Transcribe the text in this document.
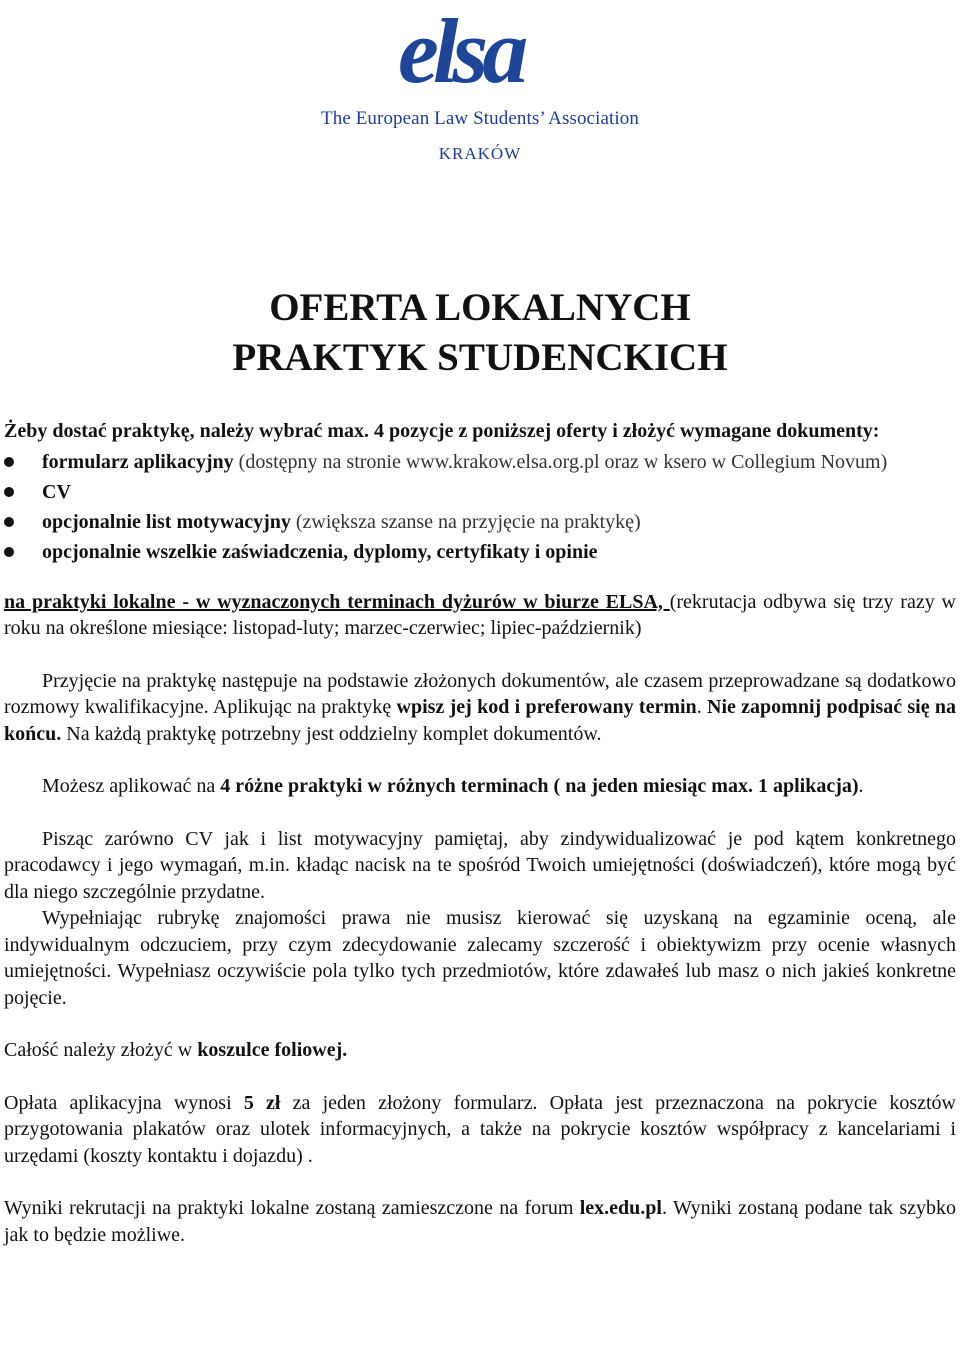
elsa
The European Law Students’ Association
KRAKÓW
OFERTA LOKALNYCH
PRAKTYK STUDENCKICH

Żeby dostać praktykę, należy wybrać max. 4 pozycje z poniższej oferty i złożyć wymagane dokumenty:

formularz aplikacyjny (dostępny na stronie www.krakow.elsa.org.pl oraz w ksero w Collegium Novum)
CV
opcjonalnie list motywacyjny (zwiększa szanse na przyjęcie na praktykę)
opcjonalnie wszelkie zaświadczenia, dyplomy, certyfikaty i opinie

na praktyki lokalne - w wyznaczonych terminach dyżurów w biurze ELSA, (rekrutacja odbywa się trzy razy w roku na określone miesiące: listopad-luty; marzec-czerwiec; lipiec-październik)

Przyjęcie na praktykę następuje na podstawie złożonych dokumentów, ale czasem przeprowadzane są dodatkowo rozmowy kwalifikacyjne. Aplikując na praktykę wpisz jej kod i preferowany termin. Nie zapomnij podpisać się na końcu. Na każdą praktykę potrzebny jest oddzielny komplet dokumentów.

Możesz aplikować na 4 różne praktyki w różnych terminach ( na jeden miesiąc max. 1 aplikacja).

Pisząc zarówno CV jak i list motywacyjny pamiętaj, aby zindywidualizować je pod kątem konkretnego pracodawcy i jego wymagań, m.in. kładąc nacisk na te spośród Twoich umiejętności (doświadczeń), które mogą być dla niego szczególnie przydatne.

Wypełniając rubrykę znajomości prawa nie musisz kierować się uzyskaną na egzaminie oceną, ale indywidualnym odczuciem, przy czym zdecydowanie zalecamy szczerość i obiektywizm przy ocenie własnych umiejętności. Wypełniasz oczywiście pola tylko tych przedmiotów, które zdawałeś lub masz o nich jakieś konkretne pojęcie.

Całość należy złożyć w koszulce foliowej.

Opłata aplikacyjna wynosi 5 zł za jeden złożony formularz. Opłata jest przeznaczona na pokrycie kosztów przygotowania plakatów oraz ulotek informacyjnych, a także na pokrycie kosztów współpracy z kancelariami i urzędami (koszty kontaktu i dojazdu) .

Wyniki rekrutacji na praktyki lokalne zostaną zamieszczone na forum lex.edu.pl. Wyniki zostaną podane tak szybko jak to będzie możliwe.
